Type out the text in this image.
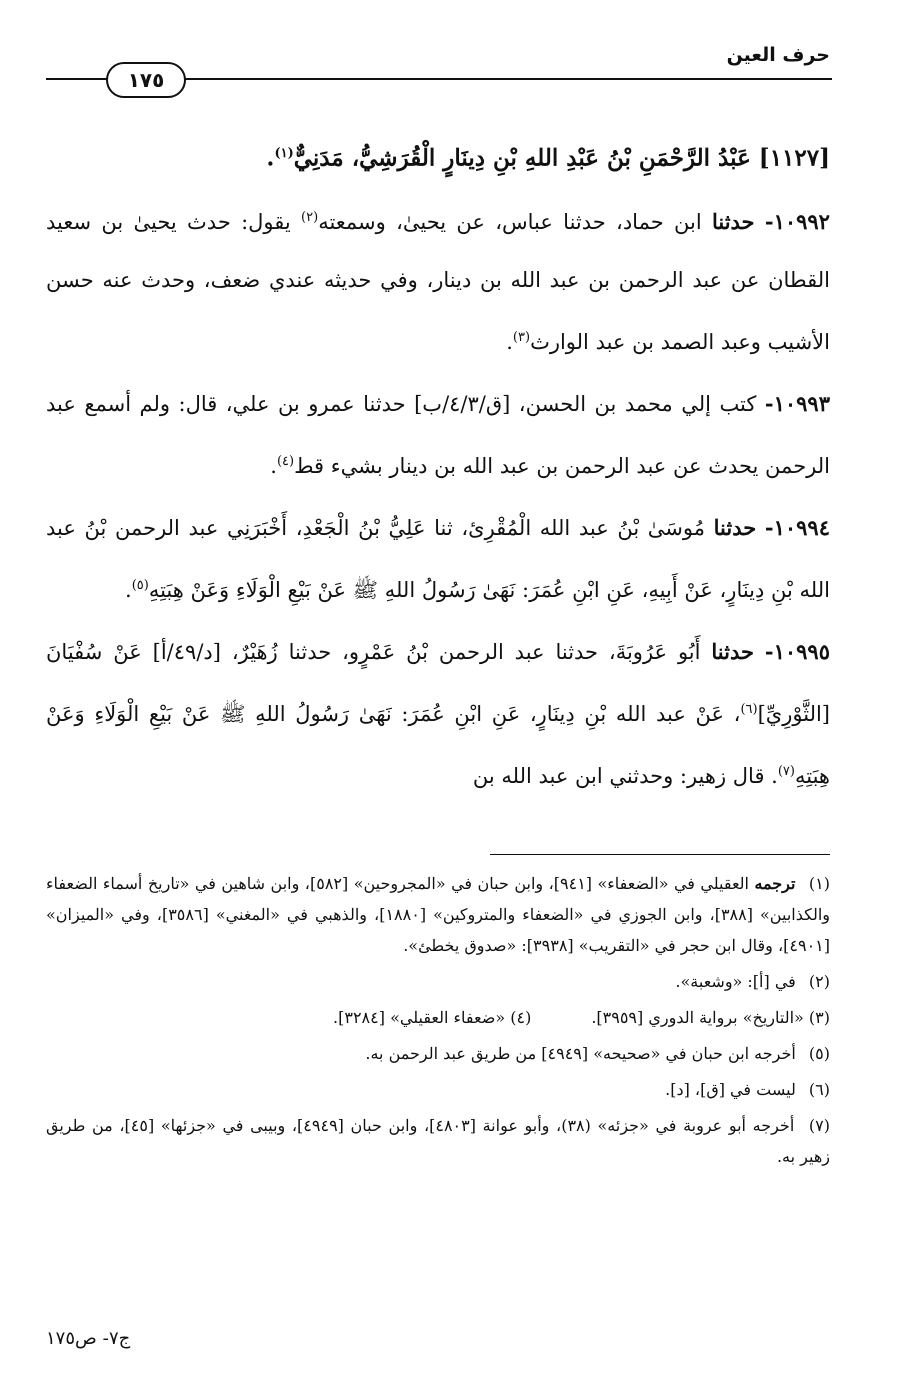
حرف العين
١٧٥
[١١٢٧] عَبْدُ الرَّحْمَنِ بْنُ عَبْدِ اللهِ بْنِ دِينَارٍ الْقُرَشِيُّ، مَدَنِيٌّ$^{(١)}$.

١٠٩٩٢- حدثنا ابن حماد، حدثنا عباس، عن يحيىٰ، وسمعته$^{(٢)}$ يقول: حدث يحيىٰ بن سعيد القطان عن عبد الرحمن بن عبد الله بن دينار، وفي حديثه عندي ضعف، وحدث عنه حسن الأشيب وعبد الصمد بن عبد الوارث$^{(٣)}$.

١٠٩٩٣- كتب إلي محمد بن الحسن، [ق/٤/٣/ب] حدثنا عمرو بن علي، قال: ولم أسمع عبد الرحمن يحدث عن عبد الرحمن بن عبد الله بن دينار بشيء قط$^{(٤)}$.

١٠٩٩٤- حدثنا مُوسَىٰ بْنُ عبد الله الْمُقْرِئ، ثنا عَلِيُّ بْنُ الْجَعْدِ، أَخْبَرَنِي عبد الرحمن بْنُ عبد الله بْنِ دِينَارٍ، عَنْ أَبِيهِ، عَنِ ابْنِ عُمَرَ: نَهَىٰ رَسُولُ اللهِ ﷺ عَنْ بَيْعِ الْوَلَاءِ وَعَنْ هِبَتِهِ$^{(٥)}$.

١٠٩٩٥- حدثنا أَبُو عَرُوبَةَ، حدثنا عبد الرحمن بْنُ عَمْرٍو، حدثنا زُهَيْرٌ، [د/٤٩/أ] عَنْ سُفْيَانَ [الثَّوْرِيِّ]$^{(٦)}$، عَنْ عبد الله بْنِ دِينَارٍ، عَنِ ابْنِ عُمَرَ: نَهَىٰ رَسُولُ اللهِ ﷺ عَنْ بَيْعِ الْوَلَاءِ وَعَنْ هِبَتِهِ$^{(٧)}$. قال زهير: وحدثني ابن عبد الله بن

(١) ترجمه العقيلي في «الضعفاء» [٩٤١]، وابن حبان في «المجروحين» [٥٨٢]، وابن شاهين في «تاريخ أسماء الضعفاء والكذابين» [٣٨٨]، وابن الجوزي في «الضعفاء والمتروكين» [١٨٨٠]، والذهبي في «المغني» [٣٥٨٦]، وفي «الميزان» [٤٩٠١]، وقال ابن حجر في «التقريب» [٣٩٣٨]: «صدوق يخطئ».

(٢) في [أ]: «وشعبة».

(٣) «التاريخ» برواية الدوري [٣٩٥٩].
(٤) «ضعفاء العقيلي» [٣٢٨٤].

(٥) أخرجه ابن حبان في «صحيحه» [٤٩٤٩] من طريق عبد الرحمن به.

(٦) ليست في [ق]، [د].

(٧) أخرجه أبو عروبة في «جزئه» (٣٨)، وأبو عوانة [٤٨٠٣]، وابن حبان [٤٩٤٩]، وبيبى في «جزئها» [٤٥]، من طريق زهير به.

ج٧- ص١٧٥
